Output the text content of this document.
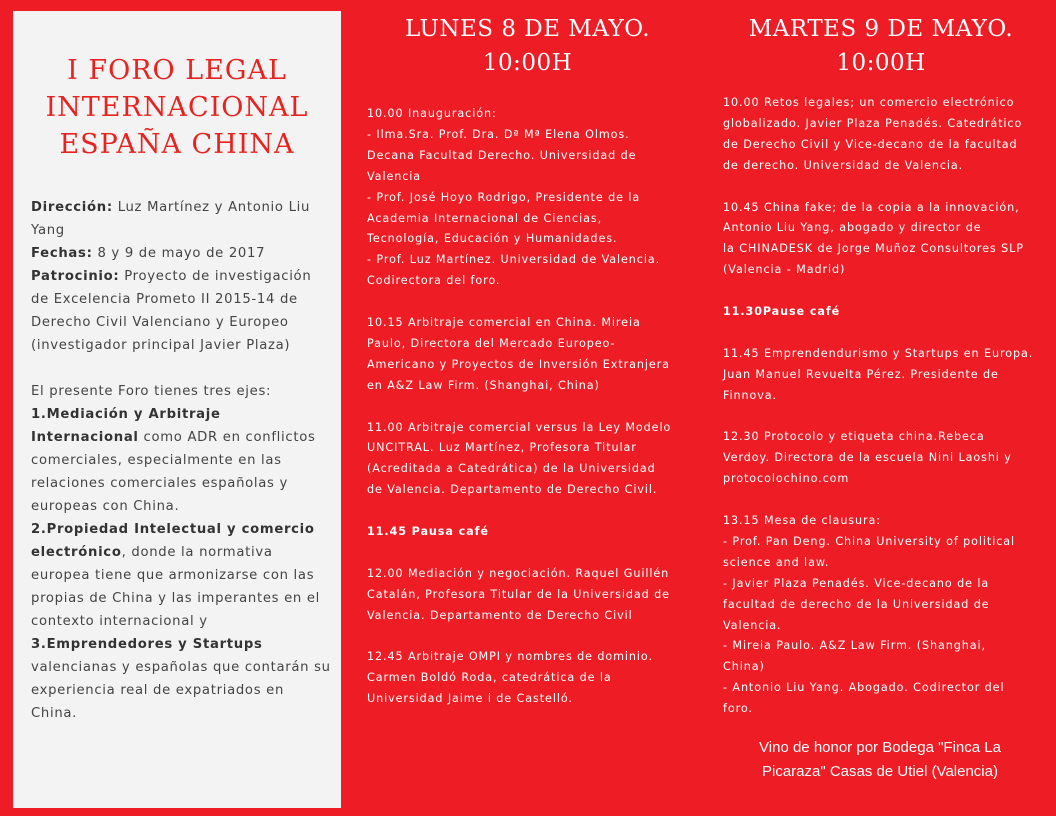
I FORO LEGAL
INTERNACIONAL
ESPAÑA CHINA

Dirección: Luz Martínez y Antonio Liu Yang

Fechas: 8 y 9 de mayo de 2017

Patrocinio: Proyecto de investigación de Excelencia Prometo II 2015-14 de Derecho Civil Valenciano y Europeo (investigador principal Javier Plaza)

El presente Foro tienes tres ejes:

1.Mediación y Arbitraje Internacional como ADR en conflictos comerciales, especialmente en las relaciones comerciales españolas y europeas con China.

2.Propiedad Intelectual y comercio electrónico, donde la normativa europea tiene que armonizarse con las propias de China y las imperantes en el contexto internacional y

3.Emprendedores y Startups valencianas y españolas que contarán su experiencia real de expatriados en China.

LUNES 8 DE MAYO.
10:00H
MARTES 9 DE MAYO.
10:00H

10.00 Inauguración:

- Ilma.Sra. Prof. Dra. Dª Mª Elena Olmos.

Decana Facultad Derecho. Universidad de

Valencia

- Prof. José Hoyo Rodrigo, Presidente de la

Academia Internacional de Ciencias,

Tecnología, Educación y Humanidades.

- Prof. Luz Martínez. Universidad de Valencia.

Codirectora del foro.

10.15 Arbitraje comercial en China. Mireia

Paulo, Directora del Mercado Europeo-

Americano y Proyectos de Inversión Extranjera

en A&Z Law Firm. (Shanghai, China)

11.00 Arbitraje comercial versus la Ley Modelo

UNCITRAL. Luz Martínez, Profesora Titular

(Acreditada a Catedrática) de la Universidad

de Valencia. Departamento de Derecho Civil.

11.45 Pausa café

12.00 Mediación y negociación. Raquel Guillén

Catalán, Profesora Titular de la Universidad de

Valencia. Departamento de Derecho Civil

12.45 Arbitraje OMPI y nombres de dominio.

Carmen Boldó Roda, catedrática de la

Universidad Jaime i de Castelló.

10.00 Retos legales; un comercio electrónico

globalizado. Javier Plaza Penadés. Catedrático

de Derecho Civil y Vice-decano de la facultad

de derecho. Universidad de Valencia.

10.45 China fake; de la copia a la innovación,

Antonio Liu Yang, abogado y director de

la CHINADESK de Jorge Muñoz Consultores SLP

(Valencia - Madrid)

11.30Pause café

11.45 Emprendendurismo y Startups en Europa.

Juan Manuel Revuelta Pérez. Presidente de

Finnova.

12.30 Protocolo y etiqueta china.Rebeca

Verdoy. Directora de la escuela Nini Laoshi y

protocolochino.com

13.15 Mesa de clausura:

- Prof. Pan Deng. China University of political

science and law.

- Javier Plaza Penadés. Vice-decano de la

facultad de derecho de la Universidad de

Valencia.

- Mireia Paulo. A&Z Law Firm. (Shanghai,

China)

- Antonio Liu Yang. Abogado. Codirector del

foro.

Vino de honor por Bodega "Finca La
Picaraza" Casas de Utiel (Valencia)
